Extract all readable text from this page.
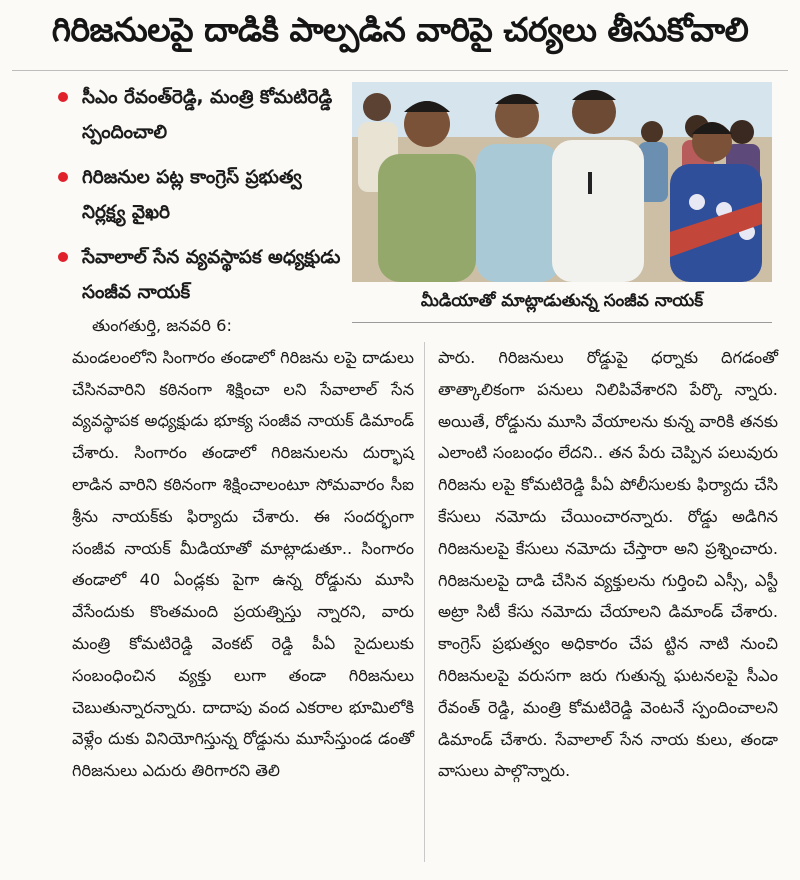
గిరిజనులపై దాడికి పాల్పడిన వారిపై చర్యలు తీసుకోవాలి
సీఎం రేవంత్‌రెడ్డి, మంత్రి కోమటిరెడ్డి స్పందించాలి
గిరిజనుల పట్ల కాంగ్రెస్ ప్రభుత్వ నిర్లక్ష్య వైఖరి
సేవాలాల్ సేన వ్యవస్థాపక అధ్యక్షుడు సంజీవ నాయక్	మీడియాతో మాట్లాడుతున్న సంజీవ నాయక్
తుంగతుర్తి, జనవరి 6:
మండలంలోని సింగారం తండాలో గిరిజను లపై దాడులు చేసినవారిని కఠినంగా శిక్షించా లని సేవాలాల్ సేన వ్యవస్థాపక అధ్యక్షుడు భూక్య సంజీవ నాయక్ డిమాండ్ చేశారు. సింగారం తండాలో గిరిజనులను దుర్భాష లాడిన వారిని కఠినంగా శిక్షించాలంటూ సోమవారం సీఐ శ్రీను నాయక్‌కు ఫిర్యాదు చేశారు. ఈ సందర్భంగా సంజీవ నాయక్ మీడియాతో మాట్లాడుతూ.. సింగారం తండాలో 40 ఏండ్లకు పైగా ఉన్న రోడ్డును మూసి వేసేందుకు కొంతమంది ప్రయత్నిస్తు న్నారని, వారు మంత్రి కోమటిరెడ్డి వెంకట్ రెడ్డి పీఏ సైదులుకు సంబంధించిన వ్యక్తు లుగా తండా గిరిజనులు చెబుతున్నారన్నారు. దాదాపు వంద ఎకరాల భూమిలోకి వెళ్లేం దుకు వినియోగిస్తున్న రోడ్డును మూసేస్తుండ డంతో గిరిజనులు ఎదురు తిరిగారని తెలి
పారు. గిరిజనులు రోడ్డుపై ధర్నాకు దిగడంతో తాత్కాలికంగా పనులు నిలిపివేశారని పేర్కొ న్నారు. అయితే, రోడ్డును మూసి వేయాలను కున్న వారికి తనకు ఎలాంటి సంబంధం లేదని.. తన పేరు చెప్పిన పలువురు గిరిజను లపై కోమటిరెడ్డి పీఏ పోలీసులకు ఫిర్యాదు చేసి కేసులు నమోదు చేయించారన్నారు. రోడ్డు అడిగిన గిరిజనులపై కేసులు నమోదు చేస్తారా అని ప్రశ్నించారు. గిరిజనులపై దాడి చేసిన వ్యక్తులను గుర్తించి ఎస్సీ, ఎస్టీ అట్రా సిటీ కేసు నమోదు చేయాలని డిమాండ్ చేశారు. కాంగ్రెస్ ప్రభుత్వం అధికారం చేప ట్టిన నాటి నుంచి గిరిజనులపై వరుసగా జరు గుతున్న ఘటనలపై సీఎం రేవంత్ రెడ్డి, మంత్రి కోమటిరెడ్డి వెంటనే స్పందించాలని డిమాండ్ చేశారు. సేవాలాల్ సేన నాయ కులు, తండా వాసులు పాల్గొన్నారు.
